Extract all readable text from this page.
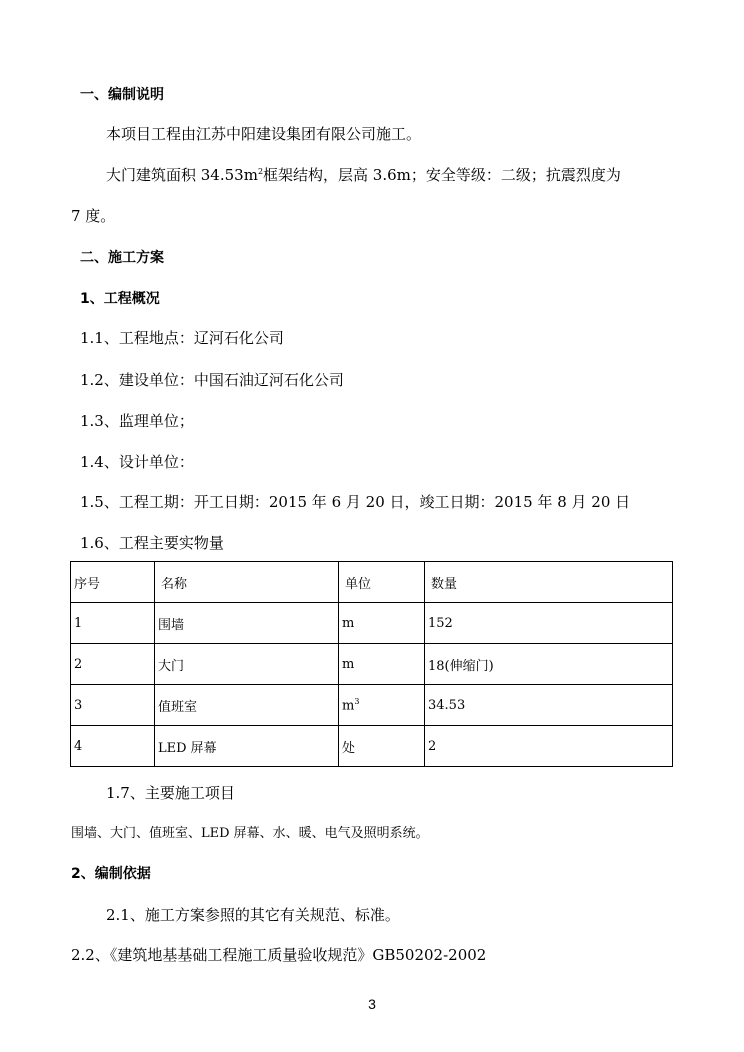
一、编制说明
本项目工程由江苏中阳建设集团有限公司施工。
大门建筑面积 $34.53m^2$框架结构，层高 3.6m；安全等级：二级；抗震烈度为
7 度。
二、施工方案
1、工程概况
1.1、工程地点：辽河石化公司
1.2、建设单位：中国石油辽河石化公司
1.3、监理单位；
1.4、设计单位：
1.5、工程工期：开工日期：2015 年 6 月 20 日，竣工日期：2015 年 8 月 20 日
1.6、工程主要实物量
序号	名称	单位	数量
1	围墙	m	152
2	大门	m	18(伸缩门)
3	值班室	$m^3$	34.53
4	LED 屏幕	处	2
1.7、主要施工项目
围墙、大门、值班室、LED 屏幕、水、暖、电气及照明系统。
2、编制依据
2.1、施工方案参照的其它有关规范、标准。
2.2、《建筑地基基础工程施工质量验收规范》GB50202-2002
3
